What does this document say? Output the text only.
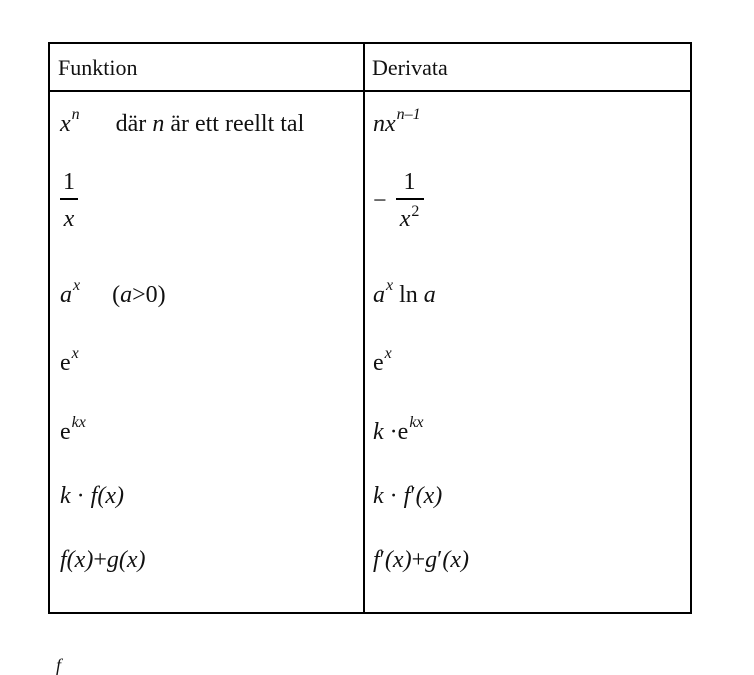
Funktion	Derivata
$x^n$ där n är ett reellt tal	$nx^{n-1}$
$\frac{1}{x}$	− $\frac{1}{x^2}$
$a^x$ (a>0)	$a^x$ ln a
$e^x$	$e^x$
$e^{kx}$	$k \cdot e^{kx}$
k · f(x)	k · f′(x)
f(x)+g(x)	f′(x)+g′(x)
f
